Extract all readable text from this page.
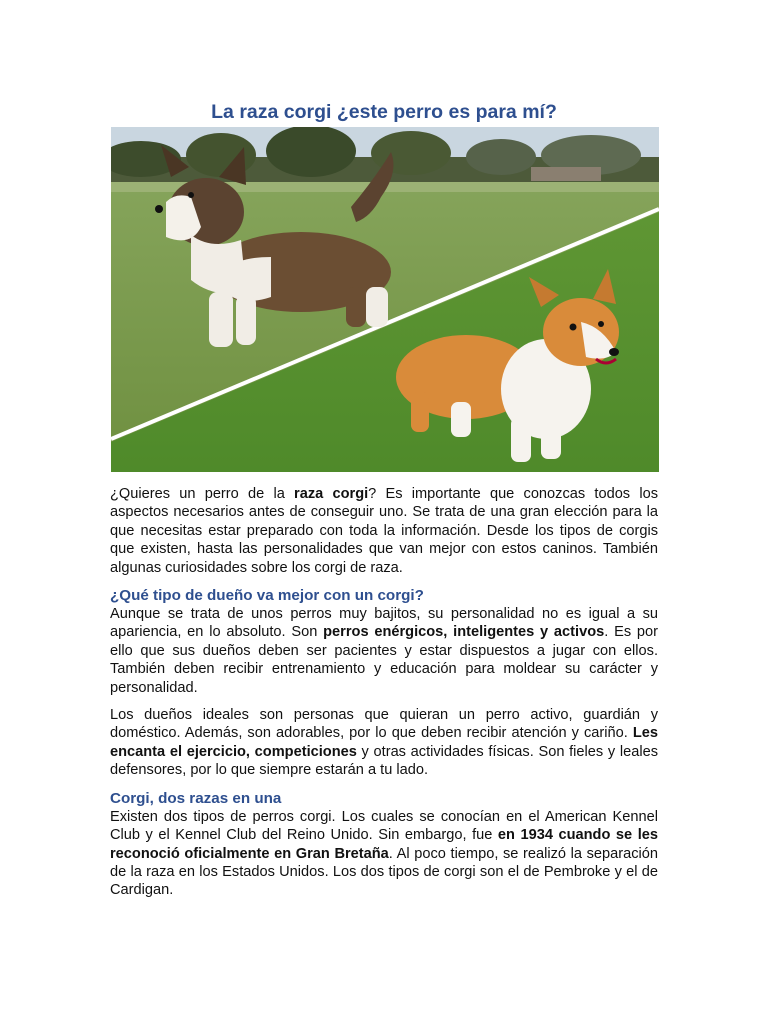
La raza corgi ¿este perro es para mí?

¿Quieres un perro de la raza corgi? Es importante que conozcas todos los aspectos necesarios antes de conseguir uno. Se trata de una gran elección para la que necesitas estar preparado con toda la información. Desde los tipos de corgis que existen, hasta las personalidades que van mejor con estos caninos. También algunas curiosidades sobre los corgi de raza.

¿Qué tipo de dueño va mejor con un corgi?

Aunque se trata de unos perros muy bajitos, su personalidad no es igual a su apariencia, en lo absoluto. Son perros enérgicos, inteligentes y activos. Es por ello que sus dueños deben ser pacientes y estar dispuestos a jugar con ellos. También deben recibir entrenamiento y educación para moldear su carácter y personalidad.

Los dueños ideales son personas que quieran un perro activo, guardián y doméstico. Además, son adorables, por lo que deben recibir atención y cariño. Les encanta el ejercicio, competiciones y otras actividades físicas. Son fieles y leales defensores, por lo que siempre estarán a tu lado.

Corgi, dos razas en una

Existen dos tipos de perros corgi. Los cuales se conocían en el American Kennel Club y el Kennel Club del Reino Unido. Sin embargo, fue en 1934 cuando se les reconoció oficialmente en Gran Bretaña. Al poco tiempo, se realizó la separación de la raza en los Estados Unidos. Los dos tipos de corgi son el de Pembroke y el de Cardigan.
